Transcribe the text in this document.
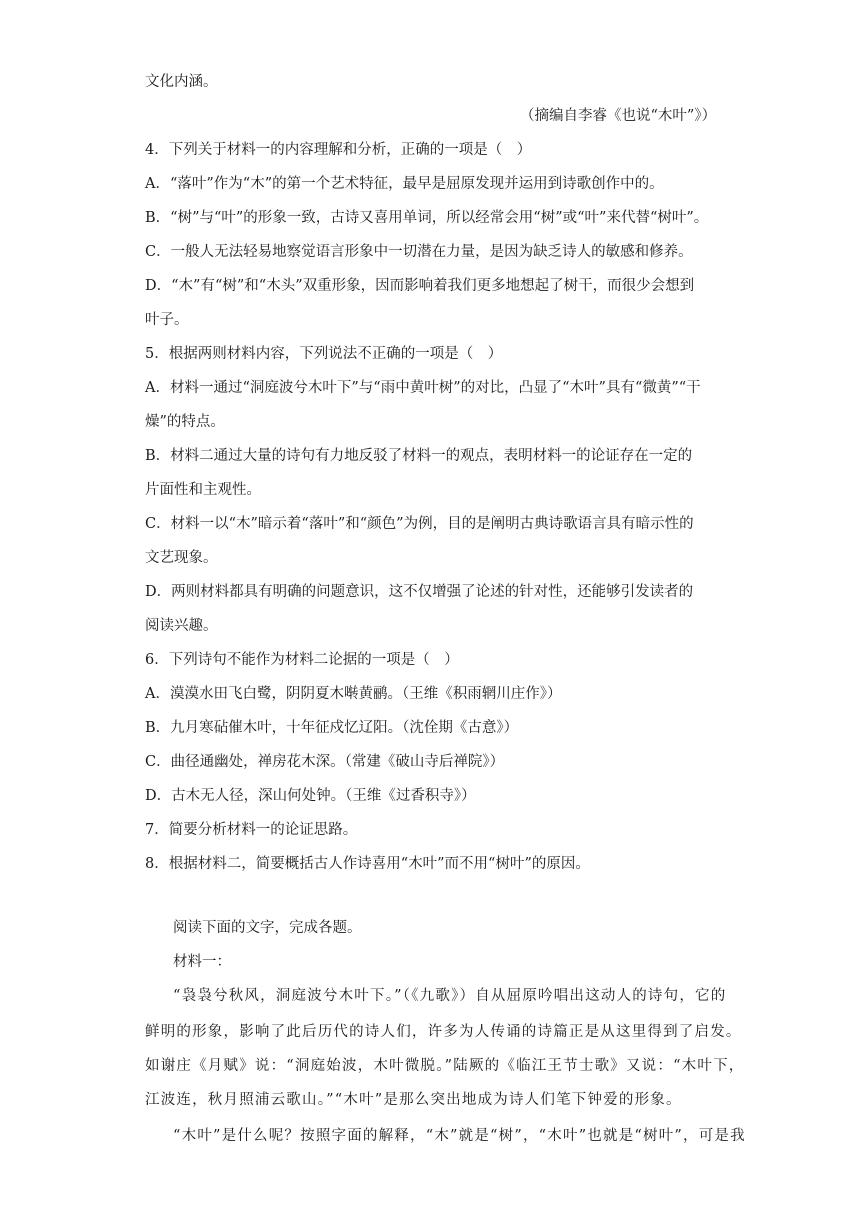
文化内涵。
（摘编自李睿《也说“木叶”》）
4．下列关于材料一的内容理解和分析，正确的一项是（　）
A．“落叶”作为“木”的第一个艺术特征，最早是屈原发现并运用到诗歌创作中的。
B．“树”与“叶”的形象一致，古诗又喜用单词，所以经常会用“树”或“叶”来代替“树叶”。
C．一般人无法轻易地察觉语言形象中一切潜在力量，是因为缺乏诗人的敏感和修养。
D．“木”有“树”和“木头”双重形象，因而影响着我们更多地想起了树干，而很少会想到
叶子。
5．根据两则材料内容，下列说法不正确的一项是（　）
A．材料一通过“洞庭波兮木叶下”与“雨中黄叶树”的对比，凸显了“木叶”具有“微黄”“干
燥”的特点。
B．材料二通过大量的诗句有力地反驳了材料一的观点，表明材料一的论证存在一定的
片面性和主观性。
C．材料一以“木”暗示着“落叶”和“颜色”为例，目的是阐明古典诗歌语言具有暗示性的
文艺现象。
D．两则材料都具有明确的问题意识，这不仅增强了论述的针对性，还能够引发读者的
阅读兴趣。
6．下列诗句不能作为材料二论据的一项是（　）
A．漠漠水田飞白鹭，阴阴夏木啭黄鹂。（王维《积雨辋川庄作》）
B．九月寒砧催木叶，十年征戍忆辽阳。（沈佺期《古意》）
C．曲径通幽处，禅房花木深。（常建《破山寺后禅院》）
D．古木无人径，深山何处钟。（王维《过香积寺》）
7．简要分析材料一的论证思路。
8．根据材料二，简要概括古人作诗喜用“木叶”而不用“树叶”的原因。
阅读下面的文字，完成各题。
材料一：
“袅袅兮秋风，洞庭波兮木叶下。”（《九歌》）自从屈原吟唱出这动人的诗句，它的
鲜明的形象，影响了此后历代的诗人们，许多为人传诵的诗篇正是从这里得到了启发。
如谢庄《月赋》说：“洞庭始波，木叶微脱。”陆厥的《临江王节士歌》又说：“木叶下，
江波连，秋月照浦云歌山。”“木叶”是那么突出地成为诗人们笔下钟爱的形象。
“木叶”是什么呢？按照字面的解释，“木”就是“树”，“木叶”也就是“树叶”，可是我
